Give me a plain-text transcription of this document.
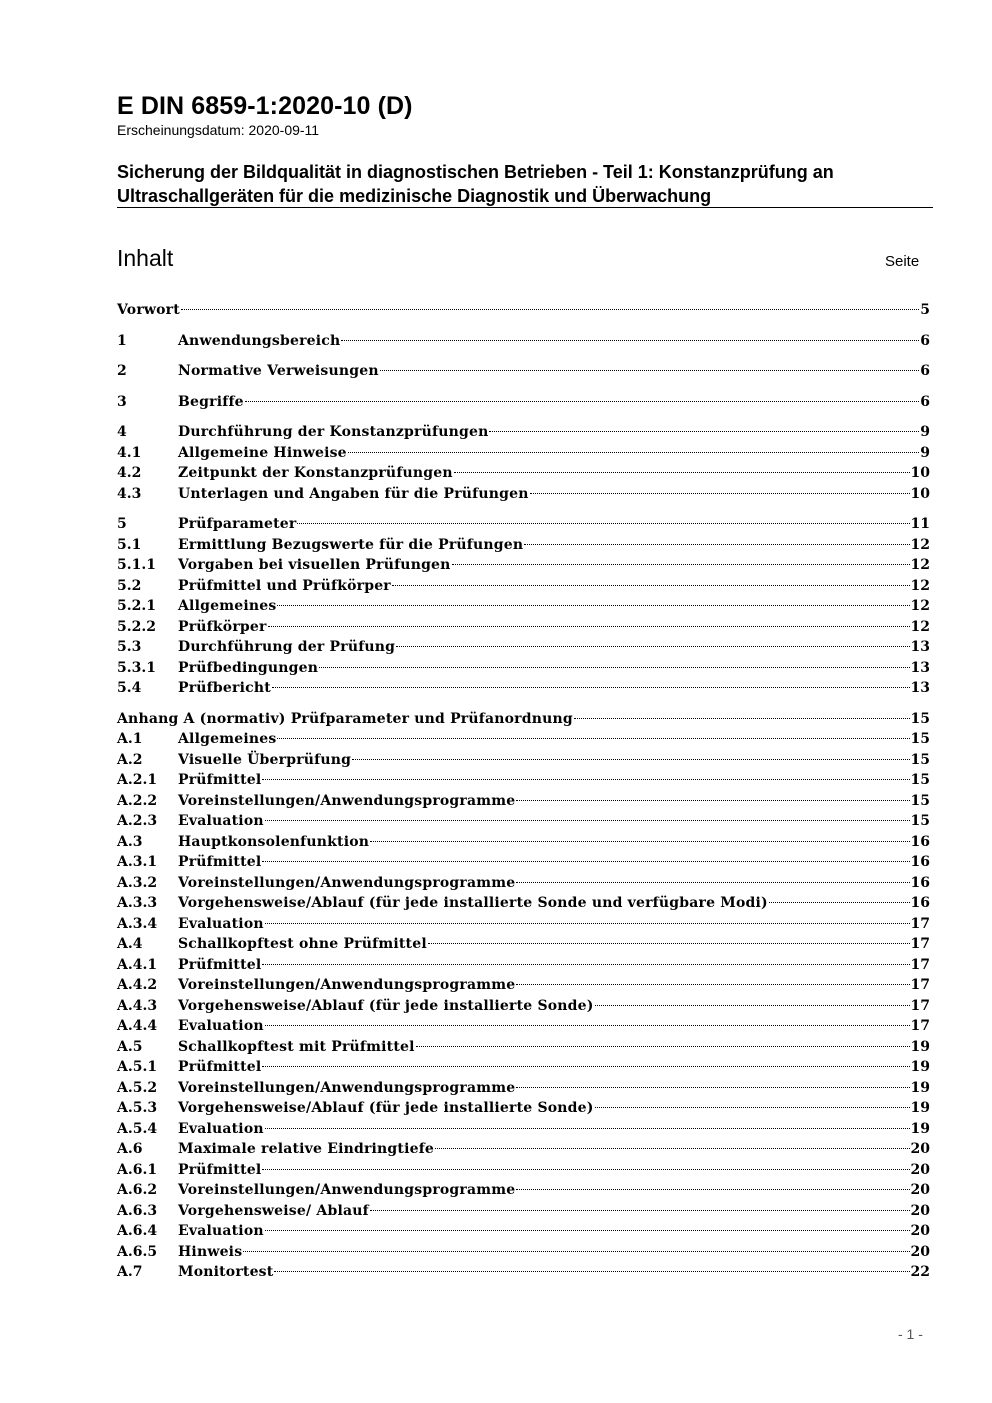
E DIN 6859-1:2020-10 (D)
Erscheinungsdatum: 2020-09-11
Sicherung der Bildqualität in diagnostischen Betrieben - Teil 1: Konstanzprüfung an
Ultraschallgeräten für die medizinische Diagnostik und Überwachung
Inhalt	Seite
Vorwort	5
1	Anwendungsbereich	6
2	Normative Verweisungen	6
3	Begriffe	6
4	Durchführung der Konstanzprüfungen	9
4.1	Allgemeine Hinweise	9
4.2	Zeitpunkt der Konstanzprüfungen	10
4.3	Unterlagen und Angaben für die Prüfungen	10
5	Prüfparameter	11
5.1	Ermittlung Bezugswerte für die Prüfungen	12
5.1.1	Vorgaben bei visuellen Prüfungen	12
5.2	Prüfmittel und Prüfkörper	12
5.2.1	Allgemeines	12
5.2.2	Prüfkörper	12
5.3	Durchführung der Prüfung	13
5.3.1	Prüfbedingungen	13
5.4	Prüfbericht	13
Anhang A (normativ) Prüfparameter und Prüfanordnung	15
A.1	Allgemeines	15
A.2	Visuelle Überprüfung	15
A.2.1	Prüfmittel	15
A.2.2	Voreinstellungen/Anwendungsprogramme	15
A.2.3	Evaluation	15
A.3	Hauptkonsolenfunktion	16
A.3.1	Prüfmittel	16
A.3.2	Voreinstellungen/Anwendungsprogramme	16
A.3.3	Vorgehensweise/Ablauf (für jede installierte Sonde und verfügbare Modi)	16
A.3.4	Evaluation	17
A.4	Schallkopftest ohne Prüfmittel	17
A.4.1	Prüfmittel	17
A.4.2	Voreinstellungen/Anwendungsprogramme	17
A.4.3	Vorgehensweise/Ablauf (für jede installierte Sonde)	17
A.4.4	Evaluation	17
A.5	Schallkopftest mit Prüfmittel	19
A.5.1	Prüfmittel	19
A.5.2	Voreinstellungen/Anwendungsprogramme	19
A.5.3	Vorgehensweise/Ablauf (für jede installierte Sonde)	19
A.5.4	Evaluation	19
A.6	Maximale relative Eindringtiefe	20
A.6.1	Prüfmittel	20
A.6.2	Voreinstellungen/Anwendungsprogramme	20
A.6.3	Vorgehensweise/ Ablauf	20
A.6.4	Evaluation	20
A.6.5	Hinweis	20
A.7	Monitortest	22
- 1 -
